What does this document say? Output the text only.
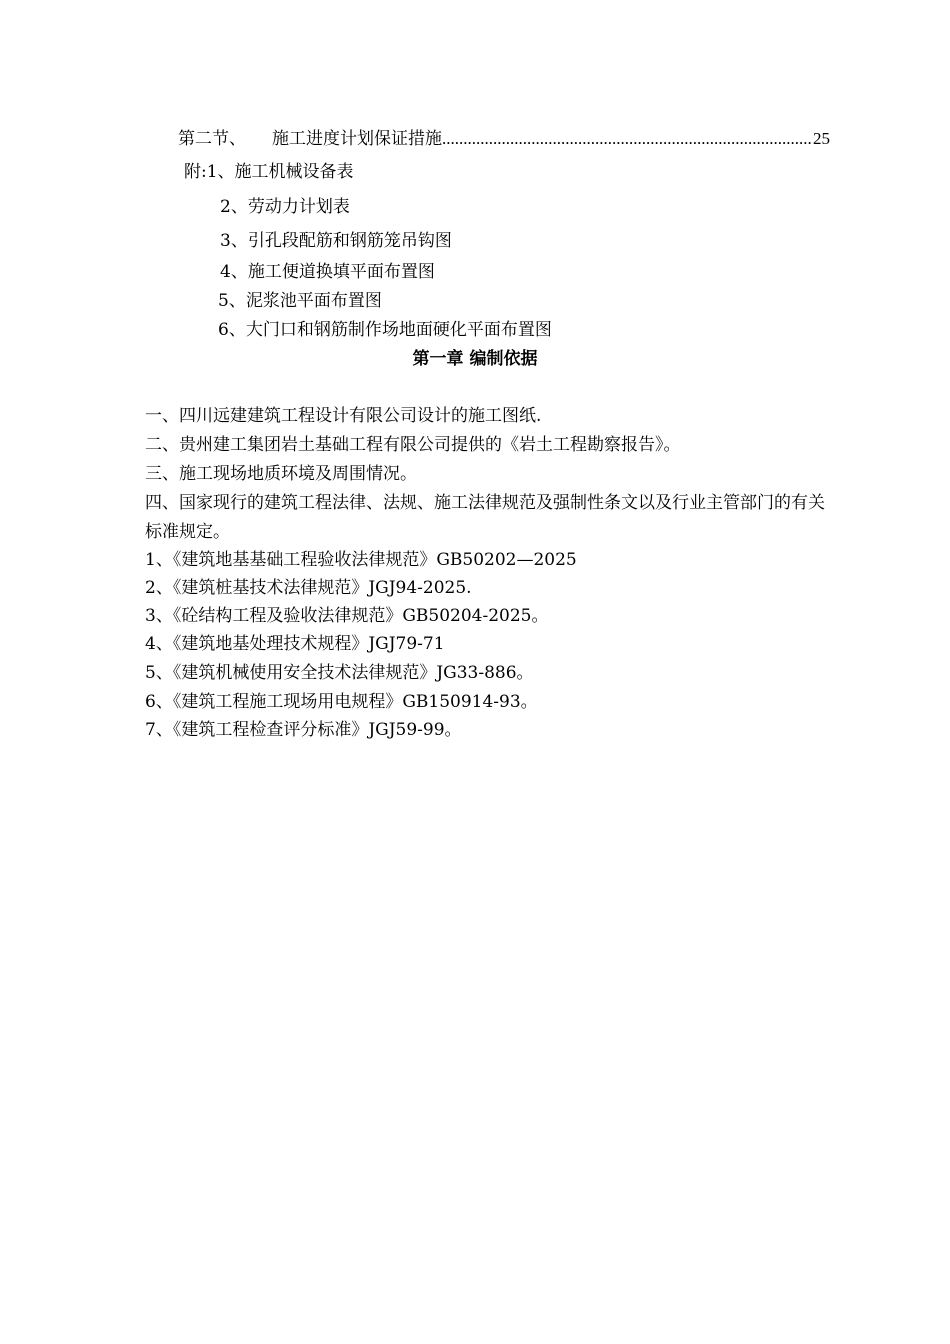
第二节、 施工进度计划保证措施
.....	25
附:1、施工机械设备表
2、劳动力计划表
3、引孔段配筋和钢筋笼吊钩图
4、施工便道换填平面布置图
5、泥浆池平面布置图
6、大门口和钢筋制作场地面硬化平面布置图
第一章 编制依据
一、四川远建建筑工程设计有限公司设计的施工图纸.
二、贵州建工集团岩土基础工程有限公司提供的《岩土工程勘察报告》。
三、施工现场地质环境及周围情况。
四、国家现行的建筑工程法律、法规、施工法律规范及强制性条文以及行业主管部门的有关标准规定。
1、《建筑地基基础工程验收法律规范》GB50202—2025
2、《建筑桩基技术法律规范》JGJ94-2025.
3、《砼结构工程及验收法律规范》GB50204-2025。
4、《建筑地基处理技术规程》JGJ79-71
5、《建筑机械使用安全技术法律规范》JG33-886。
6、《建筑工程施工现场用电规程》GB150914-93。
7、《建筑工程检查评分标准》JGJ59-99。
